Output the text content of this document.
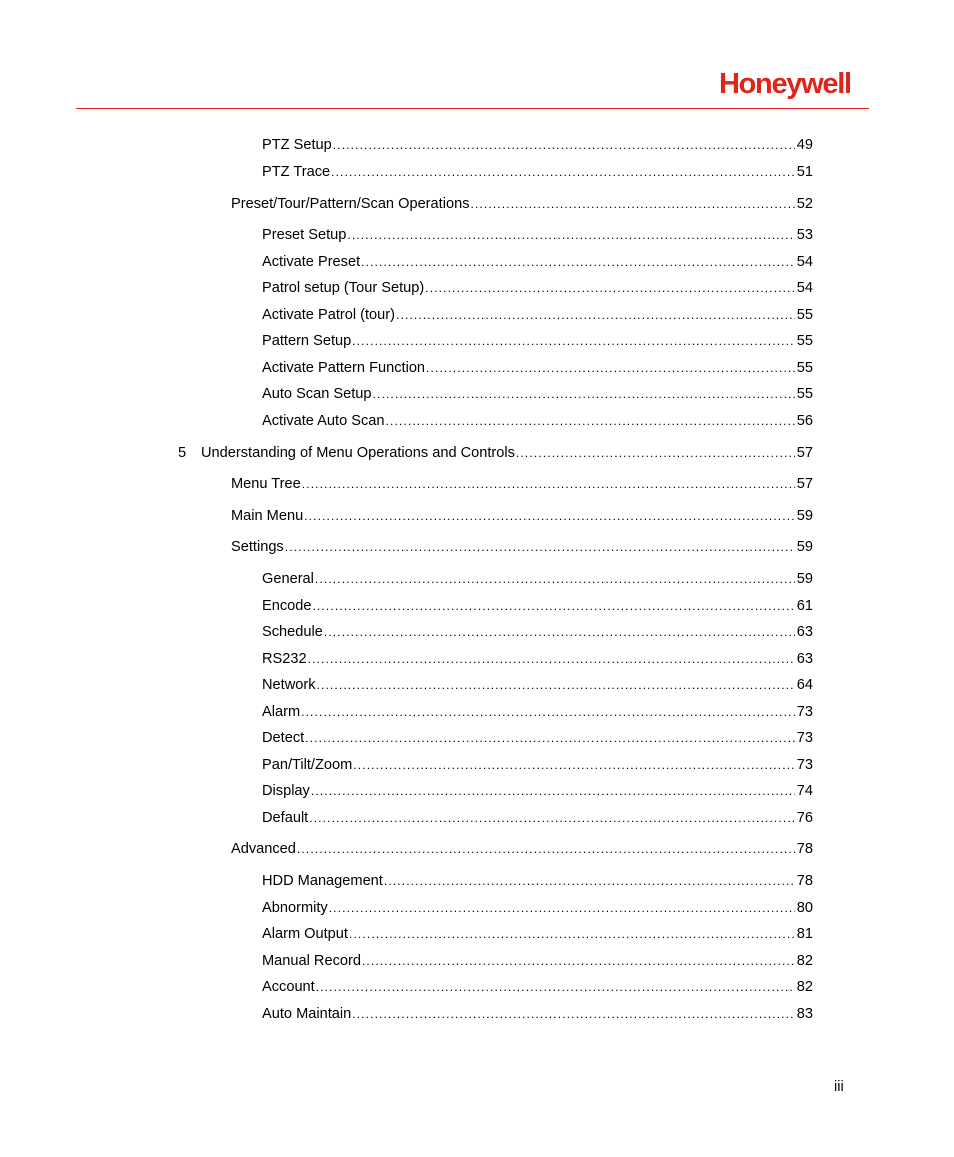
Honeywell
PTZ Setup . . .	49
PTZ Trace . . .	51
Preset/Tour/Pattern/Scan Operations . . .	52
Preset Setup . . .	53
Activate Preset . . .	54
Patrol setup (Tour Setup) . . .	54
Activate Patrol (tour) . . .	55
Pattern Setup . . .	55
Activate Pattern Function . . .	55
Auto Scan Setup . . .	55
Activate Auto Scan . . .	56
5	Understanding of Menu Operations and Controls . . .	57
Menu Tree . . .	57
Main Menu . . .	59
Settings . . .	59
General . . .	59
Encode . . .	61
Schedule . . .	63
RS232 . . .	63
Network . . .	64
Alarm . . .	73
Detect . . .	73
Pan/Tilt/Zoom . . .	73
Display . . .	74
Default . . .	76
Advanced . . .	78
HDD Management . . .	78
Abnormity . . .	80
Alarm Output . . .	81
Manual Record . . .	82
Account . . .	82
Auto Maintain . . .	83
iii
